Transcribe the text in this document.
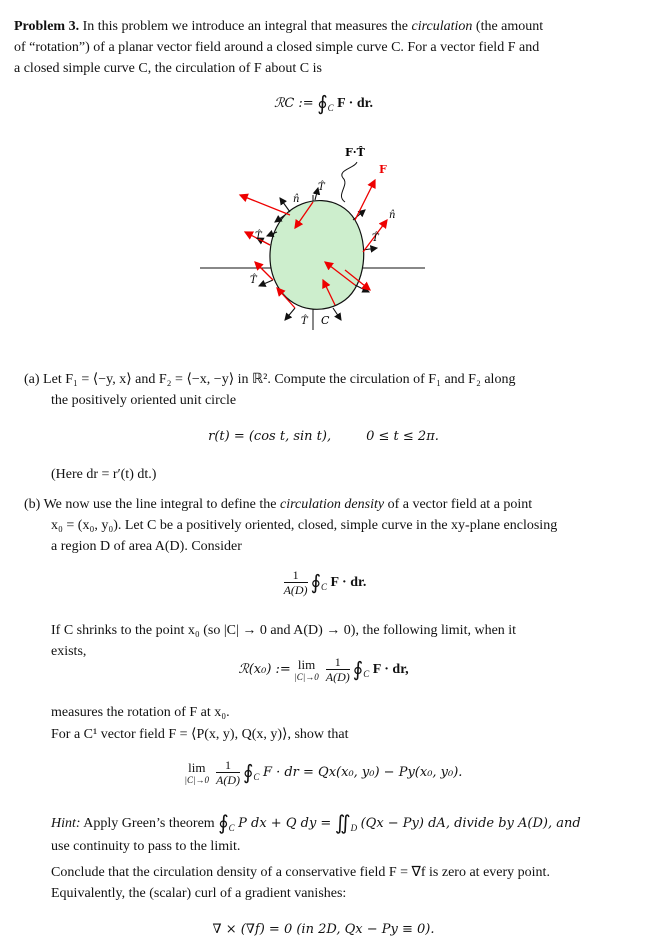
Problem 3. In this problem we introduce an integral that measures the circulation (the amount
of “rotation”) of a planar vector field around a closed simple curve C. For a vector field F and
a closed simple curve C, the circulation of F about C is
ℛC := $∮_C$ F · dr.
F·T̂
F
n̂
T̂
n̂
T̂
T̂
T̂
T̂ C
(a) Let F₁ = ⟨−y, x⟩ and F₂ = ⟨−x, −y⟩ in ℝ². Compute the circulation of F₁ and F₂ along
the positively oriented unit circle
r(t) = (cos t, sin t),	0 ≤ t ≤ 2π.
(Here dr = r′(t) dt.)
(b) We now use the line integral to define the circulation density of a vector field at a point
x₀ = (x₀, y₀). Let C be a positively oriented, closed, simple curve in the xy-plane enclosing
a region D of area A(D). Consider
$\frac{1}{A(D)}$ $∮_C$ F · dr.
If C shrinks to the point x₀ (so |C| → 0 and A(D) → 0), the following limit, when it
exists,
ℛ(x₀) := lim
$|C|\to 0 \frac{1}{A(D)}$ $∮_C$ F · dr,
measures the rotation of F at x₀.
For a C¹ vector field F = ⟨P(x, y), Q(x, y)⟩, show that
lim
$|C|\to 0 \frac{1}{A(D)}$ $∮_C$ F · dr = Qx(x₀, y₀) − Py(x₀, y₀).
Hint: Apply Green’s theorem $∮_C$ P dx + Q dy = $∬_D$ (Qx − Py) dA, divide by A(D), and
use continuity to pass to the limit.
Conclude that the circulation density of a conservative field F = ∇f is zero at every point.
Equivalently, the (scalar) curl of a gradient vanishes:
∇ × (∇f) = 0 (in 2D, Qx − Py ≡ 0).
